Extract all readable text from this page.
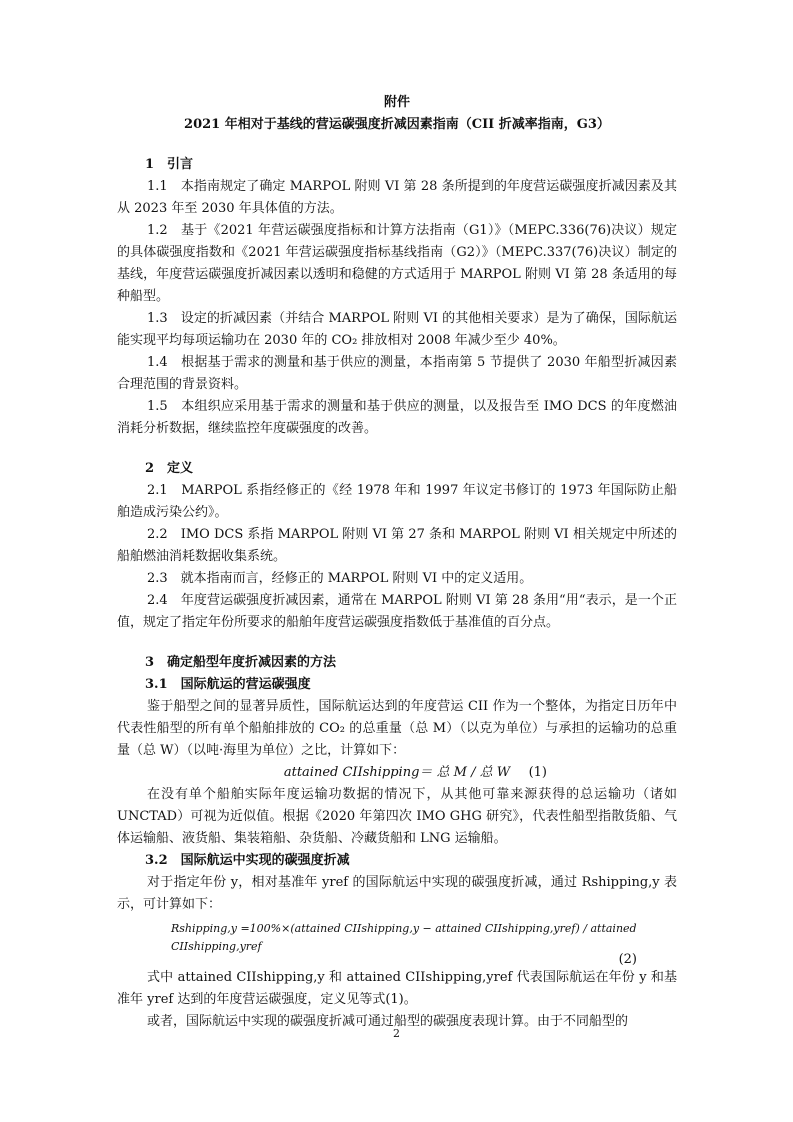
附件

2021 年相对于基线的营运碳强度折减因素指南（CII 折减率指南，G3）

1　引言

1.1　本指南规定了确定 MARPOL 附则 VI 第 28 条所提到的年度营运碳强度折减因素及其从 2023 年至 2030 年具体值的方法。

1.2　基于《2021 年营运碳强度指标和计算方法指南（G1）》（MEPC.336(76)决议）规定的具体碳强度指数和《2021 年营运碳强度指标基线指南（G2）》（MEPC.337(76)决议）制定的基线，年度营运碳强度折减因素以透明和稳健的方式适用于 MARPOL 附则 VI 第 28 条适用的每种船型。

1.3　设定的折减因素（并结合 MARPOL 附则 VI 的其他相关要求）是为了确保，国际航运能实现平均每项运输功在 2030 年的 CO₂ 排放相对 2008 年减少至少 40%。

1.4　根据基于需求的测量和基于供应的测量，本指南第 5 节提供了 2030 年船型折减因素合理范围的背景资料。

1.5　本组织应采用基于需求的测量和基于供应的测量，以及报告至 IMO DCS 的年度燃油消耗分析数据，继续监控年度碳强度的改善。

2　定义

2.1　MARPOL 系指经修正的《经 1978 年和 1997 年议定书修订的 1973 年国际防止船舶造成污染公约》。

2.2　IMO DCS 系指 MARPOL 附则 VI 第 27 条和 MARPOL 附则 VI 相关规定中所述的船舶燃油消耗数据收集系统。

2.3　就本指南而言，经修正的 MARPOL 附则 VI 中的定义适用。

2.4　年度营运碳强度折减因素，通常在 MARPOL 附则 VI 第 28 条用“用“表示，是一个正值，规定了指定年份所要求的船舶年度营运碳强度指数低于基准值的百分点。

3　确定船型年度折减因素的方法

3.1　国际航运的营运碳强度

鉴于船型之间的显著异质性，国际航运达到的年度营运 CII 作为一个整体，为指定日历年中代表性船型的所有单个船舶排放的 CO₂ 的总重量（总 M）（以克为单位）与承担的运输功的总重量（总 W）（以吨·海里为单位）之比，计算如下：

attained CIIshipping＝ 总 M / 总 W	(1)

在没有单个船舶实际年度运输功数据的情况下，从其他可靠来源获得的总运输功（诸如 UNCTAD）可视为近似值。根据《2020 年第四次 IMO GHG 研究》，代表性船型指散货船、气体运输船、液货船、集装箱船、杂货船、冷藏货船和 LNG 运输船。

3.2　国际航运中实现的碳强度折减

对于指定年份 y，相对基准年 yref 的国际航运中实现的碳强度折减，通过 Rshipping,y 表示，可计算如下：

Rshipping,y =100%×(attained CIIshipping,y − attained CIIshipping,yref) / attained CIIshipping,yref
(2)

式中 attained CIIshipping,y 和 attained CIIshipping,yref 代表国际航运在年份 y 和基准年 yref 达到的年度营运碳强度，定义见等式(1)。

或者，国际航运中实现的碳强度折减可通过船型的碳强度表现计算。由于不同船型的

2
